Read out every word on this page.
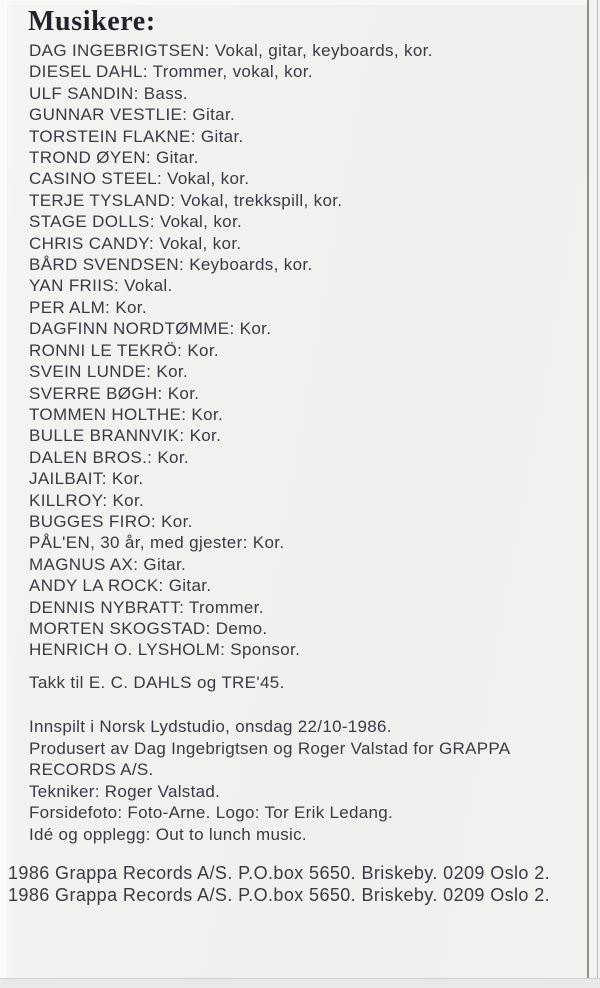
Musikere:
DAG INGEBRIGTSEN: Vokal, gitar, keyboards, kor.
DIESEL DAHL: Trommer, vokal, kor.
ULF SANDIN: Bass.
GUNNAR VESTLIE: Gitar.
TORSTEIN FLAKNE: Gitar.
TROND ØYEN: Gitar.
CASINO STEEL: Vokal, kor.
TERJE TYSLAND: Vokal, trekkspill, kor.
STAGE DOLLS: Vokal, kor.
CHRIS CANDY: Vokal, kor.
BÅRD SVENDSEN: Keyboards, kor.
YAN FRIIS: Vokal.
PER ALM: Kor.
DAGFINN NORDTØMME: Kor.
RONNI LE TEKRÖ: Kor.
SVEIN LUNDE: Kor.
SVERRE BØGH: Kor.
TOMMEN HOLTHE: Kor.
BULLE BRANNVIK: Kor.
DALEN BROS.: Kor.
JAILBAIT: Kor.
KILLROY: Kor.
BUGGES FIRO: Kor.
PÅL'EN, 30 år, med gjester: Kor.
MAGNUS AX: Gitar.
ANDY LA ROCK: Gitar.
DENNIS NYBRATT: Trommer.
MORTEN SKOGSTAD: Demo.
HENRICH O. LYSHOLM: Sponsor.

Takk til E. C. DAHLS og TRE'45.

Innspilt i Norsk Lydstudio, onsdag 22/10-1986.
Produsert av Dag Ingebrigtsen og Roger Valstad for GRAPPA
RECORDS A/S.
Tekniker: Roger Valstad.
Forsidefoto: Foto-Arne. Logo: Tor Erik Ledang.
Idé og opplegg: Out to lunch music.
1986 Grappa Records A/S. P.O.box 5650. Briskeby. 0209 Oslo 2.
1986 Grappa Records A/S. P.O.box 5650. Briskeby. 0209 Oslo 2.
